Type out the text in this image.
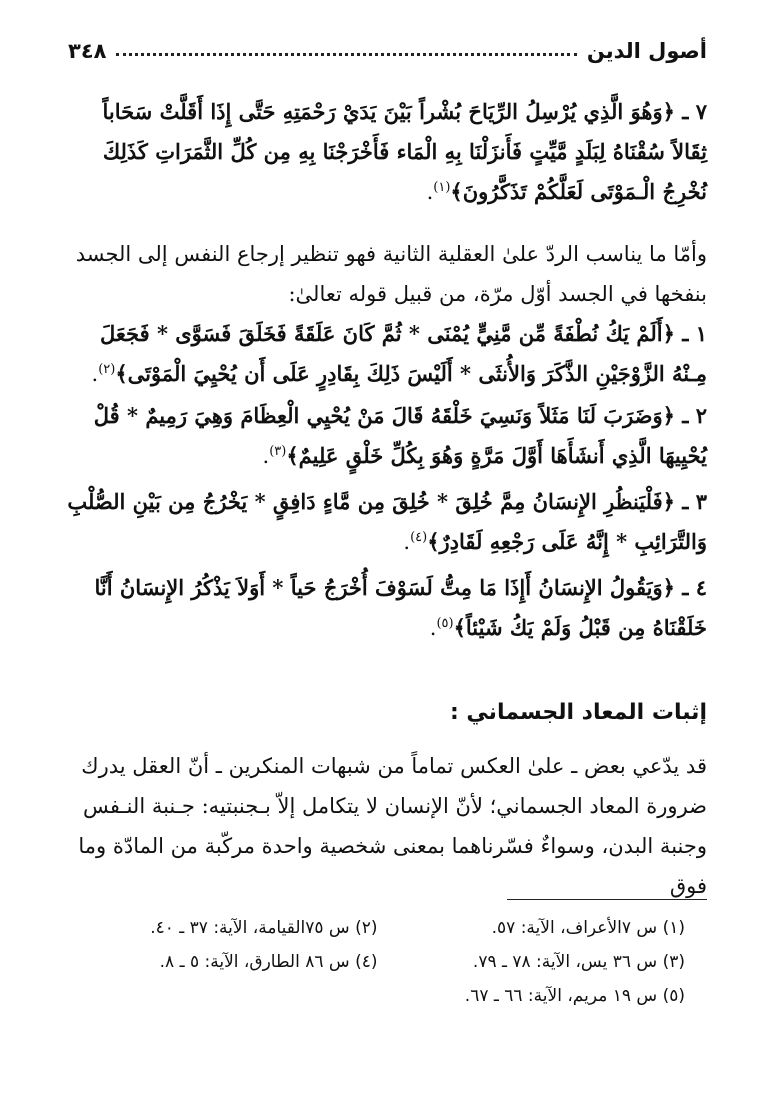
٣٤٨	أصول الدين
٧ ـ ﴿وَهُوَ الَّذِي يُرْسِلُ الرِّيَاحَ بُشْراً بَيْنَ يَدَيْ رَحْمَتِهِ حَتَّى إِذَا أَقَلَّتْ سَحَاباً ثِقَالاً سُقْنَاهُ لِبَلَدٍ مَّيِّتٍ فَأَنزَلْنَا بِهِ الْمَاء فَأَخْرَجْنَا بِهِ مِن كُلِّ الثَّمَرَاتِ كَذَلِكَ نُخْرِجُ الْـمَوْتَى لَعَلَّكُمْ تَذَكَّرُونَ﴾$^{(١)}$.
وأمّا ما يناسب الردّ علىٰ العقلية الثانية فهو تنظير إرجاع النفس إلى الجسد بنفخها في الجسد أوّل مرّة، من قبيل قوله تعالىٰ:
١ ـ ﴿أَلَمْ يَكُ نُطْفَةً مِّن مَّنِيٍّ يُمْنَى * ثُمَّ كَانَ عَلَقَةً فَخَلَقَ فَسَوَّى * فَجَعَلَ مِـنْهُ الزَّوْجَيْنِ الذَّكَرَ وَالأُنثَى * أَلَيْسَ ذَلِكَ بِقَادِرٍ عَلَى أَن يُحْيِيَ الْمَوْتَى﴾$^{(٢)}$.
٢ ـ ﴿وَضَرَبَ لَنَا مَثَلاً وَنَسِيَ خَلْقَهُ قَالَ مَنْ يُحْيِي الْعِظَامَ وَهِيَ رَمِيمٌ * قُلْ يُحْيِيهَا الَّذِي أَنشَأَهَا أَوَّلَ مَرَّةٍ وَهُوَ بِكُلِّ خَلْقٍ عَلِيمٌ﴾$^{(٣)}$.
٣ ـ ﴿فَلْيَنظُرِ الإِنسَانُ مِمَّ خُلِقَ * خُلِقَ مِن مَّاءٍ دَافِقٍ * يَخْرُجُ مِن بَيْنِ الصُّلْبِ وَالتَّرَائِبِ * إِنَّهُ عَلَى رَجْعِهِ لَقَادِرٌ﴾$^{(٤)}$.
٤ ـ ﴿وَيَقُولُ الإِنسَانُ أَإِذَا مَا مِتُّ لَسَوْفَ أُخْرَجُ حَياً * أَوَلاَ يَذْكُرُ الإِنسَانُ أَنَّا خَلَقْنَاهُ مِن قَبْلُ وَلَمْ يَكُ شَيْئاً﴾$^{(٥)}$.
إثبات المعاد الجسماني :
قد يدّعي بعض ـ علىٰ العكس تماماً من شبهات المنكرين ـ أنّ العقل يدرك ضرورة المعاد الجسماني؛ لأنّ الإنسان لا يتكامل إلاّ بـجنبتيه: جـنبة النـفس وجنبة البدن، وسواءٌ فسّرناهما بمعنى شخصية واحدة مركّبة من المادّة وما فوق
(١) س ٧الأعراف، الآية: ٥٧.
(٢) س ٧٥القيامة، الآية: ٣٧ ـ ٤٠.
(٣) س ٣٦ يس، الآية: ٧٨ ـ ٧٩.
(٤) س ٨٦ الطارق، الآية: ٥ ـ ٨.
(٥) س ١٩ مريم، الآية: ٦٦ ـ ٦٧.
